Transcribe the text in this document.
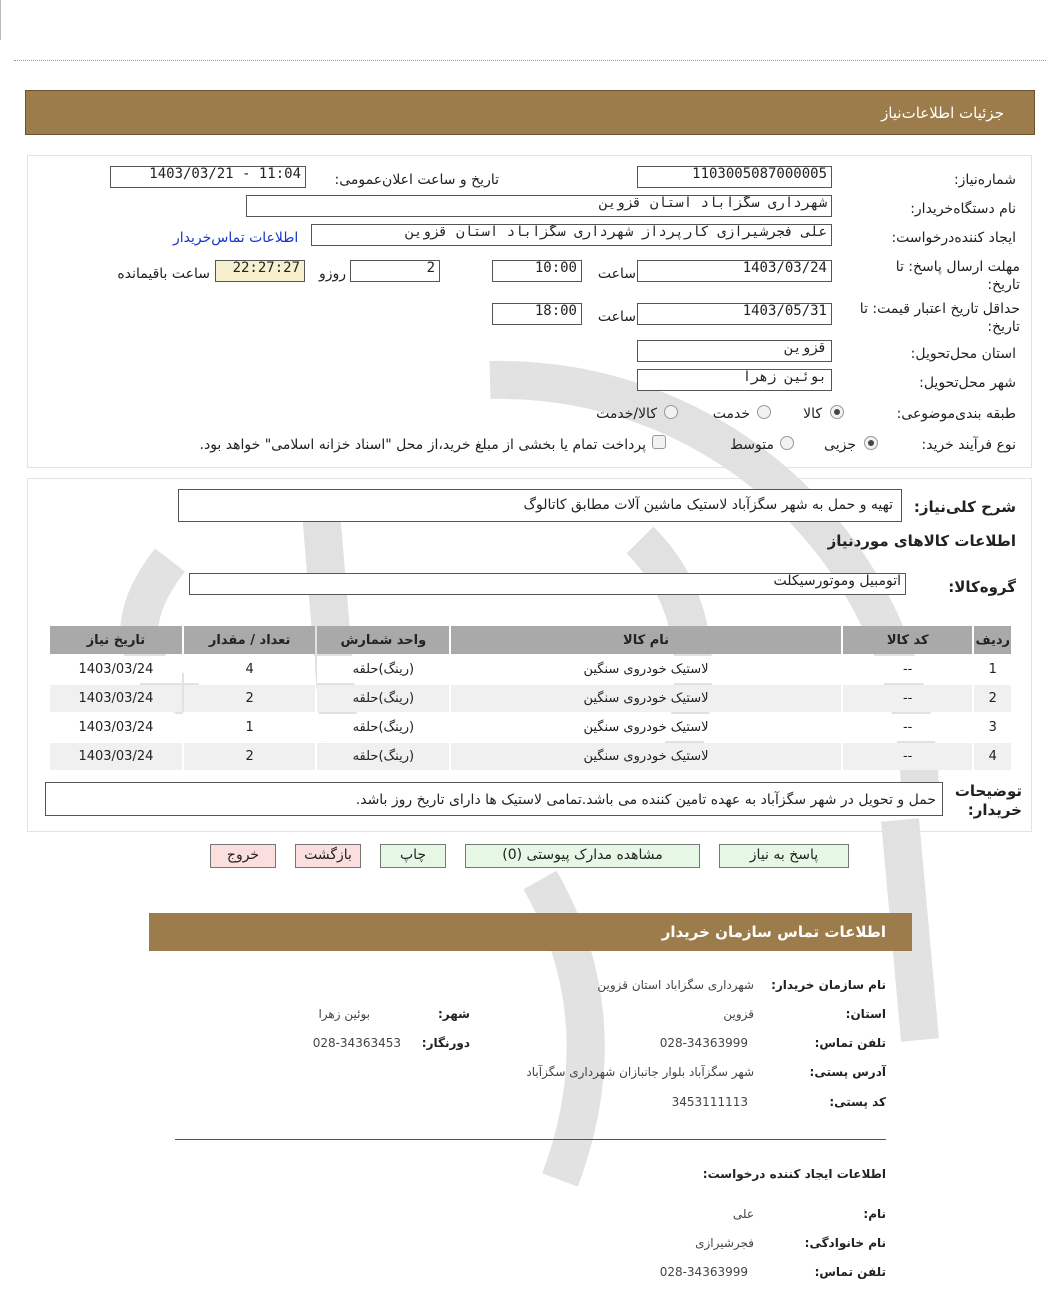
جزئیات اطلاعات‌نیاز
شماره‌نیاز:
1103005087000005
تاریخ و ساعت اعلان‌عمومی:
1403/03/21 - 11:04
نام دستگاه‌خریدار:
شهرداری سگزاباد استان قزوین
ایجاد کننده‌درخواست:
علی فجرشیرازی کارپرداز شهرداری سگزاباد استان قزوین
اطلاعات تماس‌خریدار
مهلت ارسال پاسخ: تا تاریخ:
1403/03/24
ساعت
10:00
2
روزو
22:27:27
ساعت باقیمانده
حداقل تاریخ اعتبار قیمت: تا تاریخ:
1403/05/31
ساعت
18:00
استان محل‌تحویل:
قزوین
شهر محل‌تحویل:
بوئین زهرا
طبقه بندی‌موضوعی:
کالا
خدمت
کالا/خدمت
نوع فرآیند خرید:
جزیی
متوسط
پرداخت تمام یا بخشی از مبلغ خرید،از محل "اسناد خزانه اسلامی" خواهد بود.
شرح کلی‌نیاز:
تهیه و حمل به شهر سگزآباد لاستیک ماشین آلات مطابق کاتالوگ
اطلاعات کالاهای موردنیاز
گروه‌کالا:
اتومبیل وموتورسیکلت
ردیف	کد کالا	نام کالا	واحد شمارش	تعداد / مقدار	تاریخ نیاز
1	--	لاستیک خودروی سنگین	(رینگ)حلقه	4	1403/03/24
2	--	لاستیک خودروی سنگین	(رینگ)حلقه	2	1403/03/24
3	--	لاستیک خودروی سنگین	(رینگ)حلقه	1	1403/03/24
4	--	لاستیک خودروی سنگین	(رینگ)حلقه	2	1403/03/24
توضیحات خریدار:
حمل و تحویل در شهر سگزآباد به عهده تامین کننده می باشد.تمامی لاستیک ها دارای تاریخ روز باشد.
پاسخ به نیاز
مشاهده مدارک پیوستی (0)
چاپ
بازگشت
خروج
اطلاعات تماس سازمان خریدار
نام سازمان خریدار:
شهرداری سگزاباد استان قزوین
استان:
قزوین
شهر:
بوئین زهرا
تلفن تماس:
028-34363999
دورنگار:
028-34363453
آدرس پستی:
شهر سگزآباد بلوار جانبازان شهرداری سگزآباد
کد پستی:
3453111113
اطلاعات ایجاد کننده درخواست:
نام:
علی
نام خانوادگی:
فجرشیرازی
تلفن تماس:
028-34363999
